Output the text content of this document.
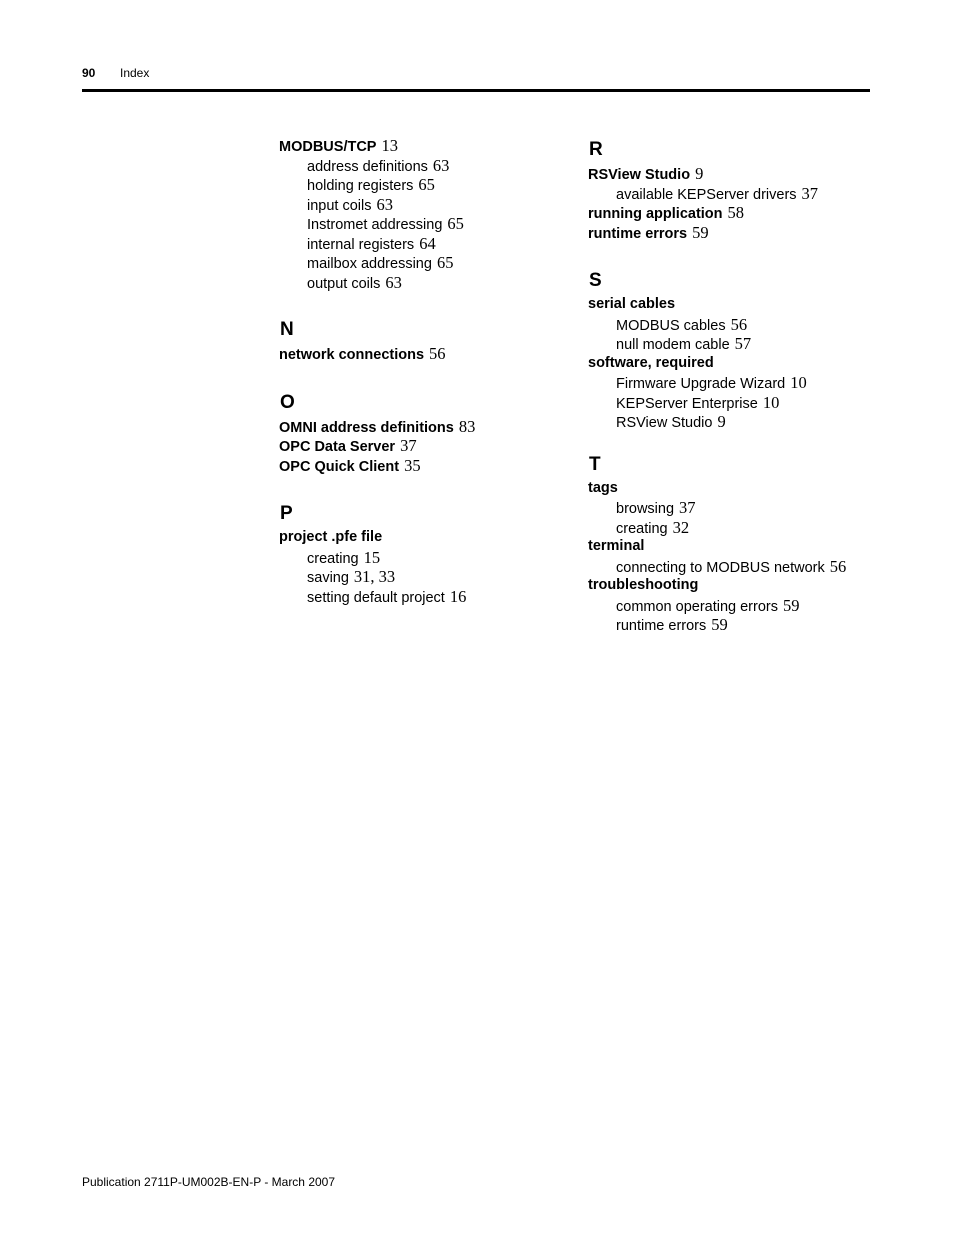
90 Index
MODBUS/TCP 13
address definitions 63
holding registers 65
input coils 63
Instromet addressing 65
internal registers 64
mailbox addressing 65
output coils 63
N
network connections 56
O
OMNI address definitions 83
OPC Data Server 37
OPC Quick Client 35
P
project .pfe file
creating 15
saving 31, 33
setting default project 16
R
RSView Studio 9
available KEPServer drivers 37
running application 58
runtime errors 59
S
serial cables
MODBUS cables 56
null modem cable 57
software, required
Firmware Upgrade Wizard 10
KEPServer Enterprise 10
RSView Studio 9
T
tags
browsing 37
creating 32
terminal
connecting to MODBUS network 56
troubleshooting
common operating errors 59
runtime errors 59
Publication 2711P-UM002B-EN-P - March 2007
